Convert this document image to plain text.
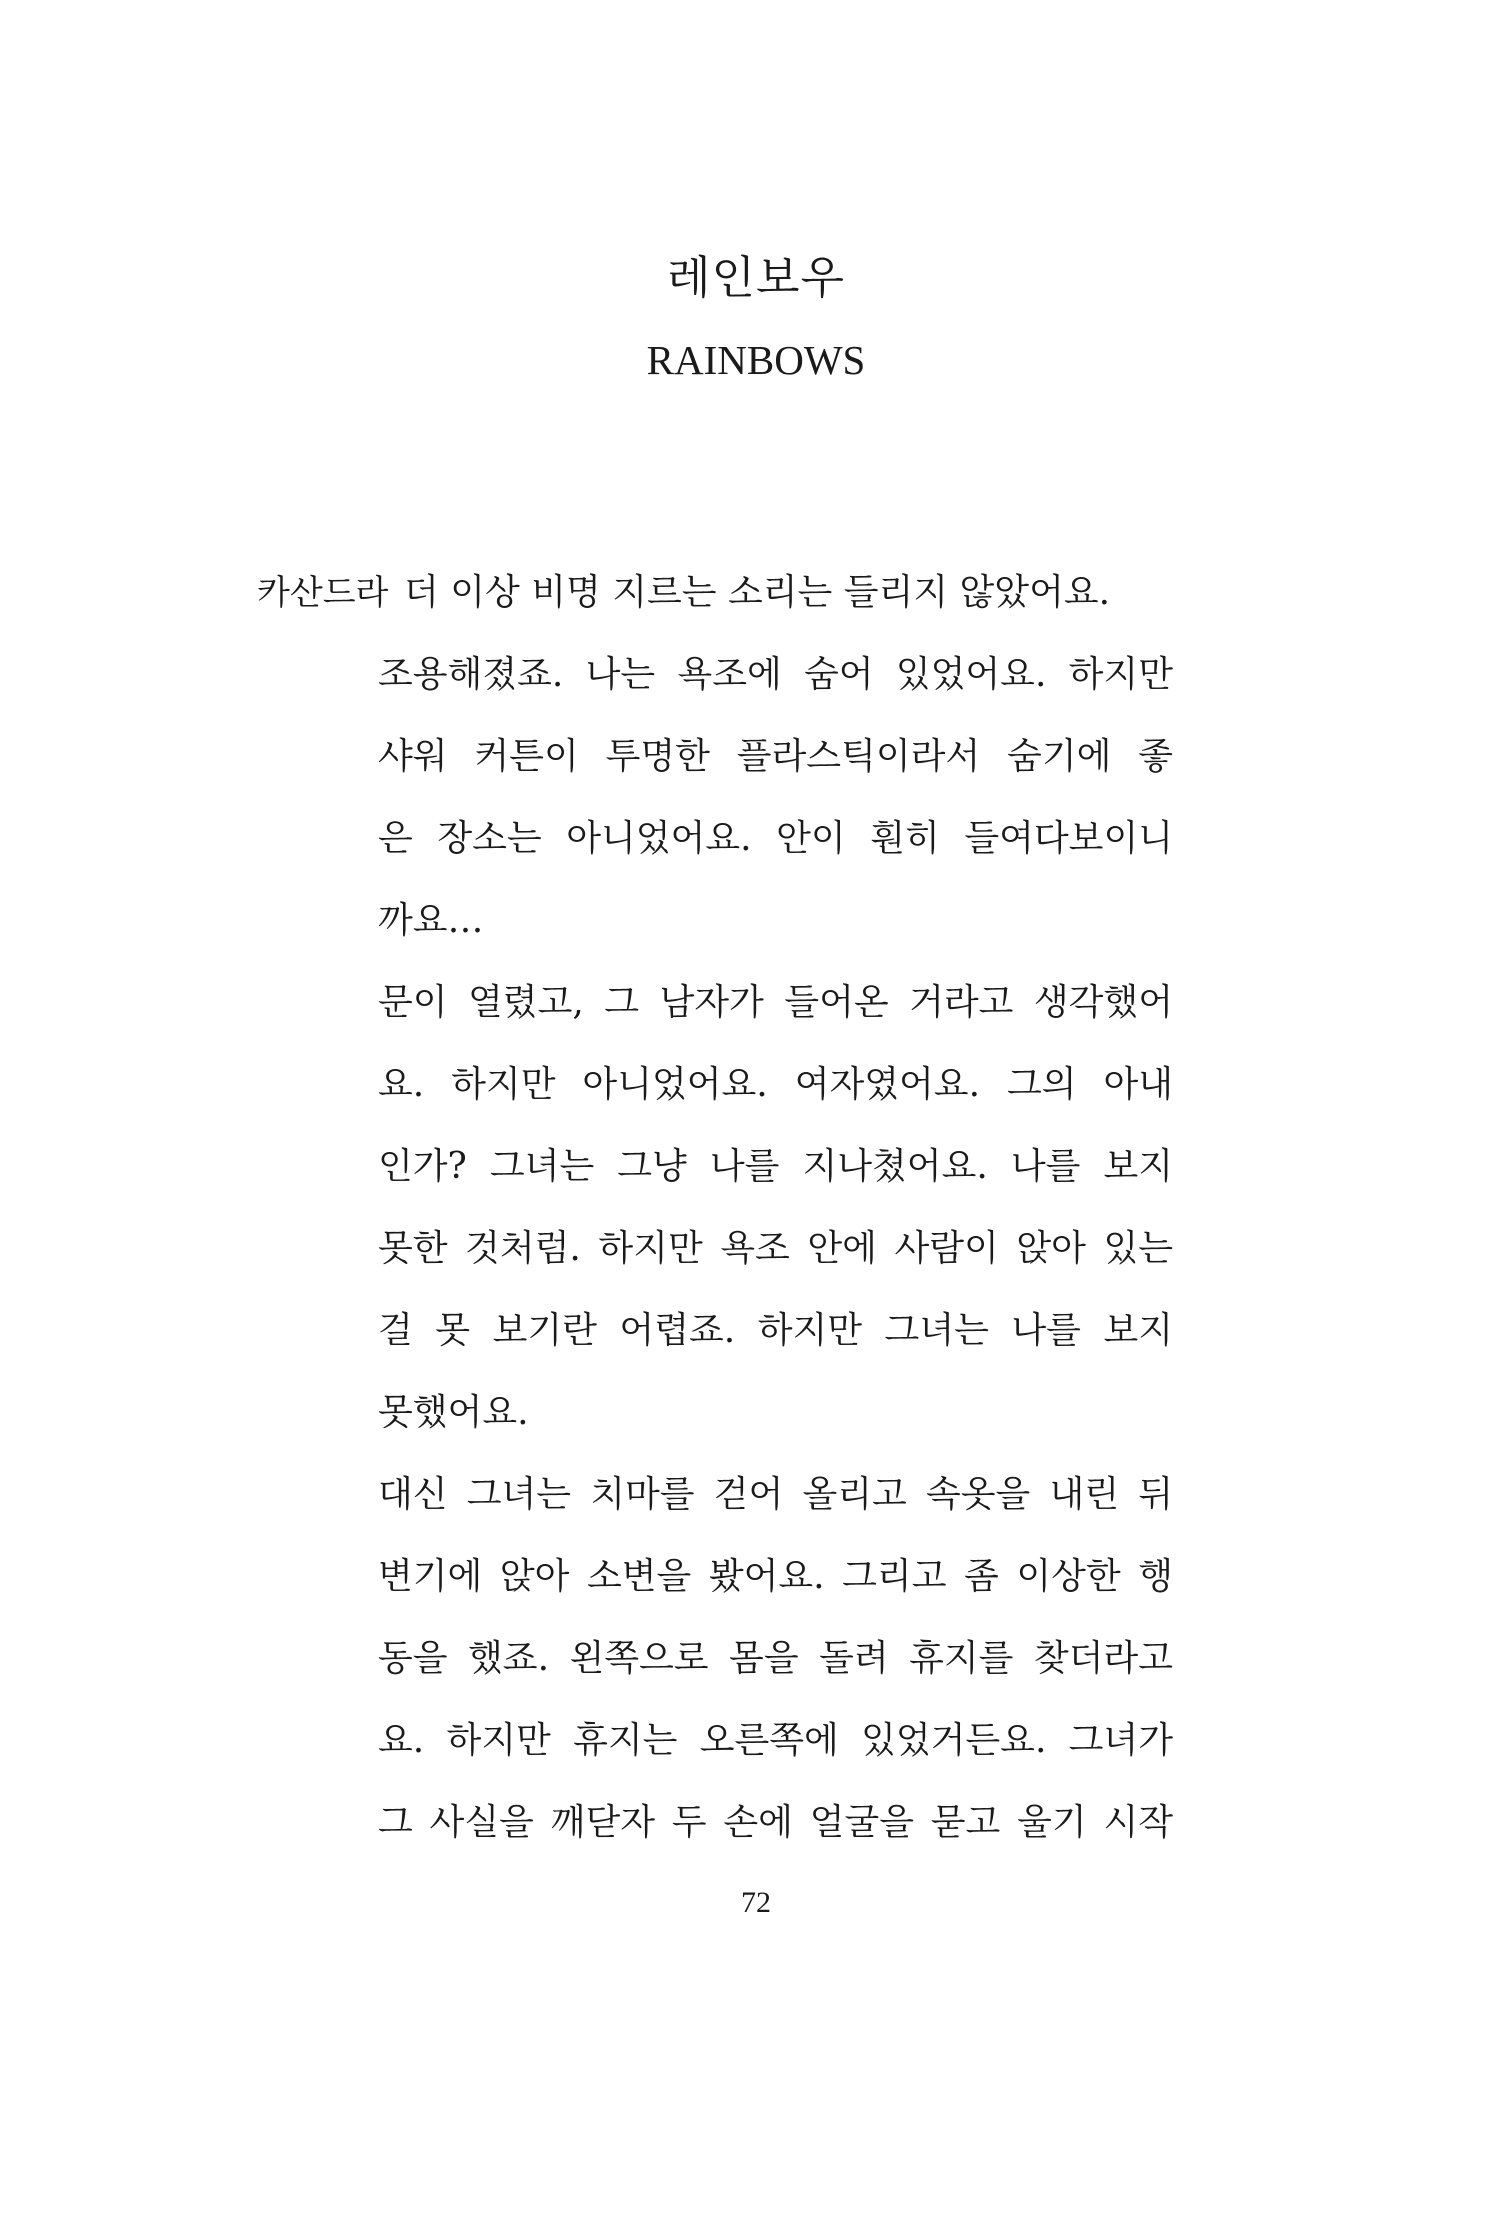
레인보우
RAINBOWS
카산드라 더 이상 비명 지르는 소리는 들리지 않았어요.
조용해졌죠. 나는 욕조에 숨어 있었어요. 하지만
샤워 커튼이 투명한 플라스틱이라서 숨기에 좋
은 장소는 아니었어요. 안이 훤히 들여다보이니
까요…
문이 열렸고, 그 남자가 들어온 거라고 생각했어
요. 하지만 아니었어요. 여자였어요. 그의 아내
인가? 그녀는 그냥 나를 지나쳤어요. 나를 보지
못한 것처럼. 하지만 욕조 안에 사람이 앉아 있는
걸 못 보기란 어렵죠. 하지만 그녀는 나를 보지
못했어요.
대신 그녀는 치마를 걷어 올리고 속옷을 내린 뒤
변기에 앉아 소변을 봤어요. 그리고 좀 이상한 행
동을 했죠. 왼쪽으로 몸을 돌려 휴지를 찾더라고
요. 하지만 휴지는 오른쪽에 있었거든요. 그녀가
그 사실을 깨닫자 두 손에 얼굴을 묻고 울기 시작
72
